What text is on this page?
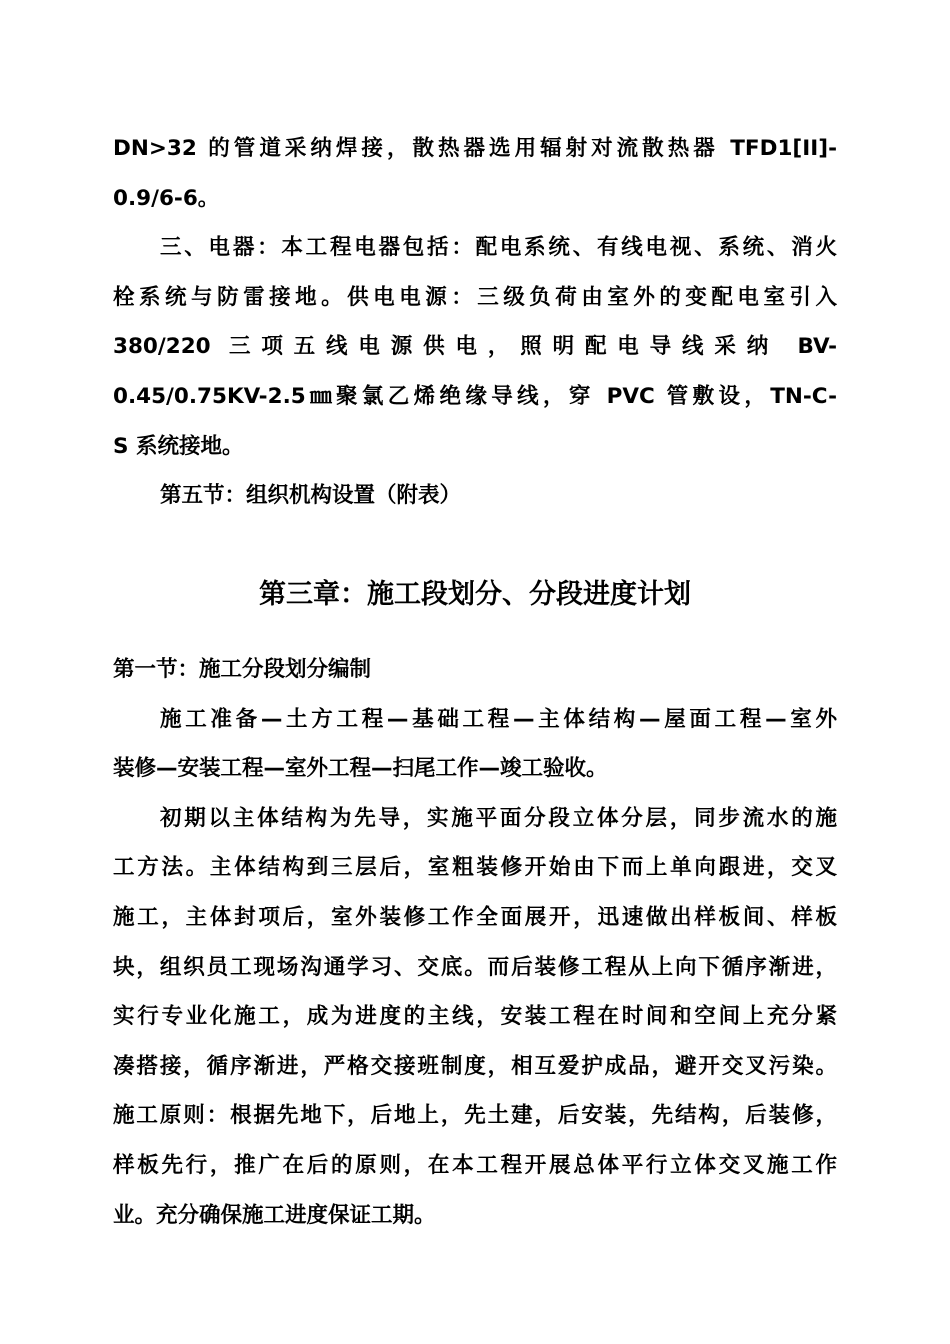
DN>32 的管道采纳焊接，散热器选用辐射对流散热器 TFD1[II]-
0.9/6-6。
三、电器：本工程电器包括：配电系统、有线电视、系统、消火
栓系统与防雷接地。供电电源：三级负荷由室外的变配电室引入
380/220 三项五线电源供电，照明配电导线采纳 BV-
0.45/0.75KV-2.5㎜聚氯乙烯绝缘导线，穿 PVC 管敷设，TN-C-
S 系统接地。
第五节：组织机构设置（附表）
第三章：施工段划分、分段进度计划
第一节：施工分段划分编制
施工准备—土方工程—基础工程—主体结构—屋面工程—室外
装修—安装工程—室外工程—扫尾工作—竣工验收。
初期以主体结构为先导，实施平面分段立体分层，同步流水的施
工方法。主体结构到三层后，室粗装修开始由下而上单向跟进，交叉
施工，主体封项后，室外装修工作全面展开，迅速做出样板间、样板
块，组织员工现场沟通学习、交底。而后装修工程从上向下循序渐进，
实行专业化施工，成为进度的主线，安装工程在时间和空间上充分紧
凑搭接，循序渐进，严格交接班制度，相互爱护成品，避开交叉污染。
施工原则：根据先地下，后地上，先土建，后安装，先结构，后装修，
样板先行，推广在后的原则，在本工程开展总体平行立体交叉施工作
业。充分确保施工进度保证工期。
